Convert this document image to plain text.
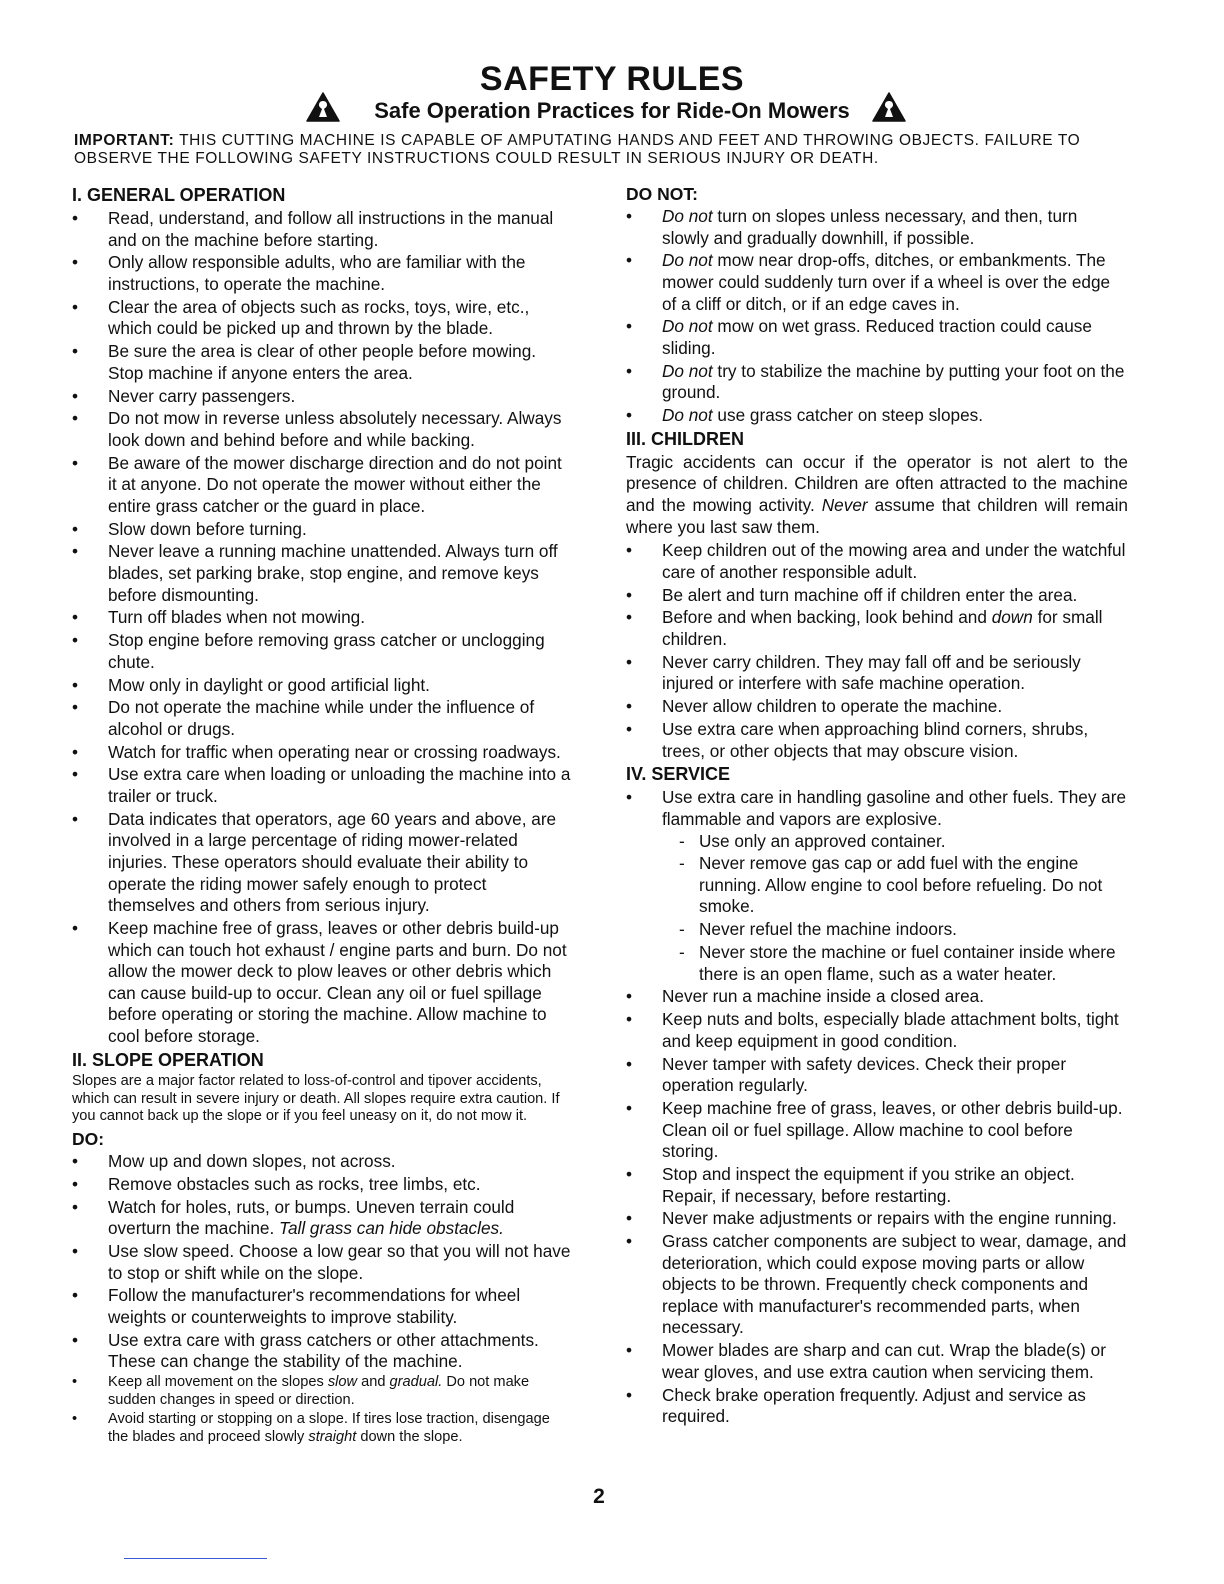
SAFETY RULES
Safe Operation Practices for Ride-On Mowers

IMPORTANT: THIS CUTTING MACHINE IS CAPABLE OF AMPUTATING HANDS AND FEET AND THROWING OBJECTS. FAILURE TO OBSERVE THE FOLLOWING SAFETY INSTRUCTIONS COULD RESULT IN SERIOUS INJURY OR DEATH.

I. GENERAL OPERATION
• Read, understand, and follow all instructions in the manual and on the machine before starting.
• Only allow responsible adults, who are familiar with the instructions, to operate the machine.
• Clear the area of objects such as rocks, toys, wire, etc., which could be picked up and thrown by the blade.
• Be sure the area is clear of other people before mowing. Stop machine if anyone enters the area.
• Never carry passengers.
• Do not mow in reverse unless absolutely necessary. Always look down and behind before and while backing.
• Be aware of the mower discharge direction and do not point it at anyone. Do not operate the mower without either the entire grass catcher or the guard in place.
• Slow down before turning.
• Never leave a running machine unattended. Always turn off blades, set parking brake, stop engine, and remove keys before dismounting.
• Turn off blades when not mowing.
• Stop engine before removing grass catcher or unclogging chute.
• Mow only in daylight or good artificial light.
• Do not operate the machine while under the influence of alcohol or drugs.
• Watch for traffic when operating near or crossing roadways.
• Use extra care when loading or unloading the machine into a trailer or truck.
• Data indicates that operators, age 60 years and above, are involved in a large percentage of riding mower-related injuries. These operators should evaluate their ability to operate the riding mower safely enough to protect themselves and others from serious injury.
• Keep machine free of grass, leaves or other debris build-up which can touch hot exhaust / engine parts and burn. Do not allow the mower deck to plow leaves or other debris which can cause build-up to occur. Clean any oil or fuel spillage before operating or storing the machine. Allow machine to cool before storage.
II. SLOPE OPERATION

Slopes are a major factor related to loss-of-control and tipover accidents, which can result in severe injury or death. All slopes require extra caution. If you cannot back up the slope or if you feel uneasy on it, do not mow it.

DO:
• Mow up and down slopes, not across.
• Remove obstacles such as rocks, tree limbs, etc.
• Watch for holes, ruts, or bumps. Uneven terrain could overturn the machine. Tall grass can hide obstacles.
• Use slow speed. Choose a low gear so that you will not have to stop or shift while on the slope.
• Follow the manufacturer's recommendations for wheel weights or counterweights to improve stability.
• Use extra care with grass catchers or other attachments. These can change the stability of the machine.
• Keep all movement on the slopes slow and gradual. Do not make sudden changes in speed or direction.
• Avoid starting or stopping on a slope. If tires lose traction, disengage the blades and proceed slowly straight down the slope.
DO NOT:
• Do not turn on slopes unless necessary, and then, turn slowly and gradually downhill, if possible.
• Do not mow near drop-offs, ditches, or embankments. The mower could suddenly turn over if a wheel is over the edge of a cliff or ditch, or if an edge caves in.
• Do not mow on wet grass. Reduced traction could cause sliding.
• Do not try to stabilize the machine by putting your foot on the ground.
• Do not use grass catcher on steep slopes.
III. CHILDREN

Tragic accidents can occur if the operator is not alert to the presence of children. Children are often attracted to the machine and the mowing activity. Never assume that children will remain where you last saw them.

• Keep children out of the mowing area and under the watchful care of another responsible adult.
• Be alert and turn machine off if children enter the area.
• Before and when backing, look behind and down for small children.
• Never carry children. They may fall off and be seriously injured or interfere with safe machine operation.
• Never allow children to operate the machine.
• Use extra care when approaching blind corners, shrubs, trees, or other objects that may obscure vision.
IV. SERVICE
• Use extra care in handling gasoline and other fuels. They are flammable and vapors are explosive.
- Use only an approved container.
- Never remove gas cap or add fuel with the engine running. Allow engine to cool before refueling. Do not smoke.
- Never refuel the machine indoors.
- Never store the machine or fuel container inside where there is an open flame, such as a water heater.
• Never run a machine inside a closed area.
• Keep nuts and bolts, especially blade attachment bolts, tight and keep equipment in good condition.
• Never tamper with safety devices. Check their proper operation regularly.
• Keep machine free of grass, leaves, or other debris build-up. Clean oil or fuel spillage. Allow machine to cool before storing.
• Stop and inspect the equipment if you strike an object. Repair, if necessary, before restarting.
• Never make adjustments or repairs with the engine running.
• Grass catcher components are subject to wear, damage, and deterioration, which could expose moving parts or allow objects to be thrown. Frequently check components and replace with manufacturer's recommended parts, when necessary.
• Mower blades are sharp and can cut. Wrap the blade(s) or wear gloves, and use extra caution when servicing them.
• Check brake operation frequently. Adjust and service as required.
2
